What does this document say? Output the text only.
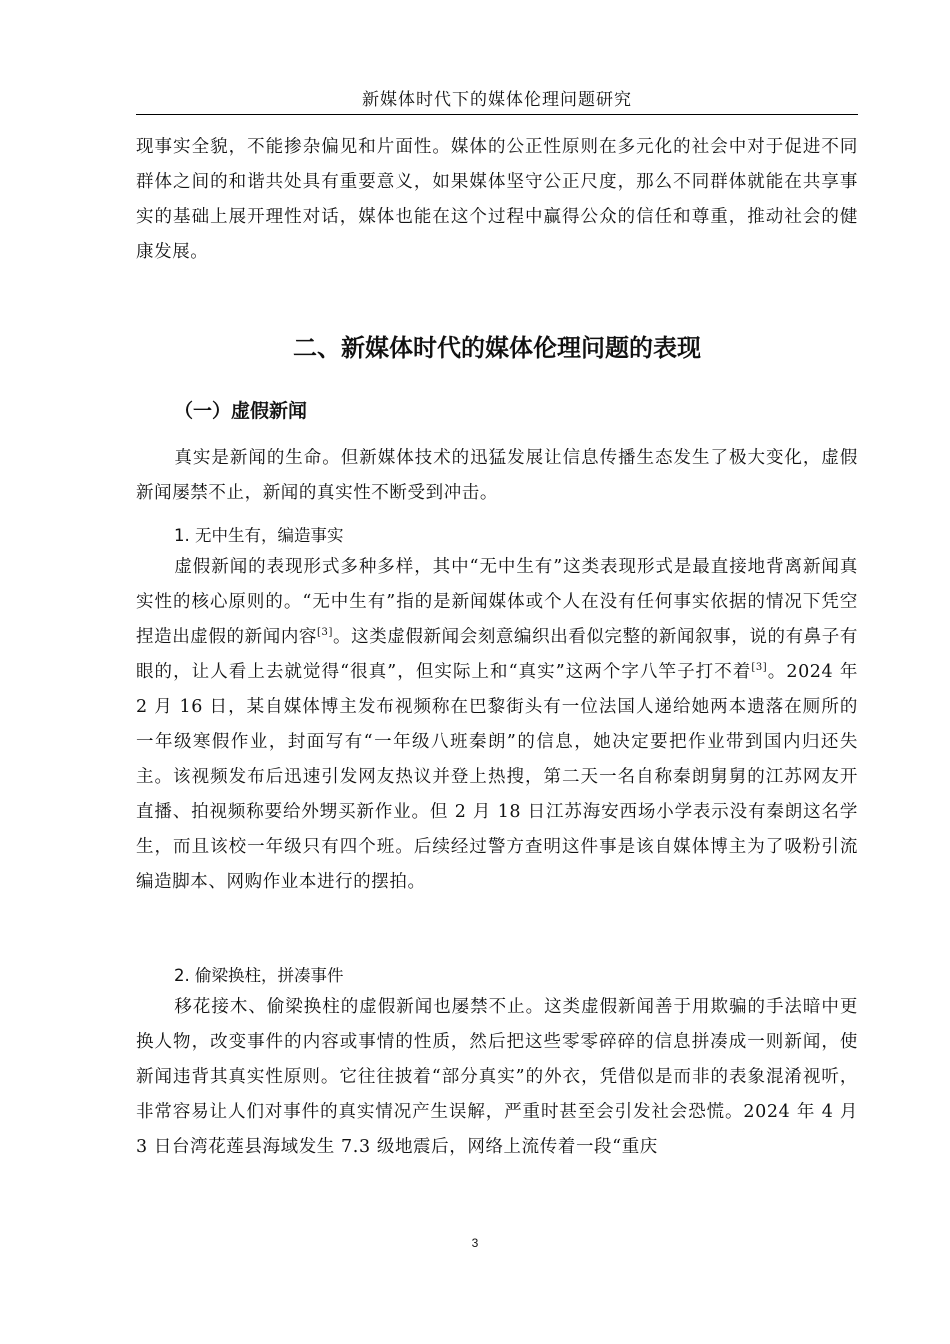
新媒体时代下的媒体伦理问题研究

现事实全貌，不能掺杂偏见和片面性。媒体的公正性原则在多元化的社会中对于促进不同群体之间的和谐共处具有重要意义，如果媒体坚守公正尺度，那么不同群体就能在共享事实的基础上展开理性对话，媒体也能在这个过程中赢得公众的信任和尊重，推动社会的健康发展。

二、新媒体时代的媒体伦理问题的表现
（一）虚假新闻

真实是新闻的生命。但新媒体技术的迅猛发展让信息传播生态发生了极大变化，虚假新闻屡禁不止，新闻的真实性不断受到冲击。

1. 无中生有，编造事实

虚假新闻的表现形式多种多样，其中“无中生有”这类表现形式是最直接地背离新闻真实性的核心原则的。“无中生有”指的是新闻媒体或个人在没有任何事实依据的情况下凭空捏造出虚假的新闻内容[3]。这类虚假新闻会刻意编织出看似完整的新闻叙事，说的有鼻子有眼的，让人看上去就觉得“很真”，但实际上和“真实”这两个字八竿子打不着[3]。2024 年 2 月 16 日，某自媒体博主发布视频称在巴黎街头有一位法国人递给她两本遗落在厕所的一年级寒假作业，封面写有“一年级八班秦朗”的信息，她决定要把作业带到国内归还失主。该视频发布后迅速引发网友热议并登上热搜，第二天一名自称秦朗舅舅的江苏网友开直播、拍视频称要给外甥买新作业。但 2 月 18 日江苏海安西场小学表示没有秦朗这名学生，而且该校一年级只有四个班。后续经过警方查明这件事是该自媒体博主为了吸粉引流编造脚本、网购作业本进行的摆拍。

2. 偷梁换柱，拼凑事件

移花接木、偷梁换柱的虚假新闻也屡禁不止。这类虚假新闻善于用欺骗的手法暗中更换人物，改变事件的内容或事情的性质，然后把这些零零碎碎的信息拼凑成一则新闻，使新闻违背其真实性原则。它往往披着“部分真实”的外衣，凭借似是而非的表象混淆视听，非常容易让人们对事件的真实情况产生误解，严重时甚至会引发社会恐慌。2024 年 4 月 3 日台湾花莲县海域发生 7.3 级地震后，网络上流传着一段“重庆

3
